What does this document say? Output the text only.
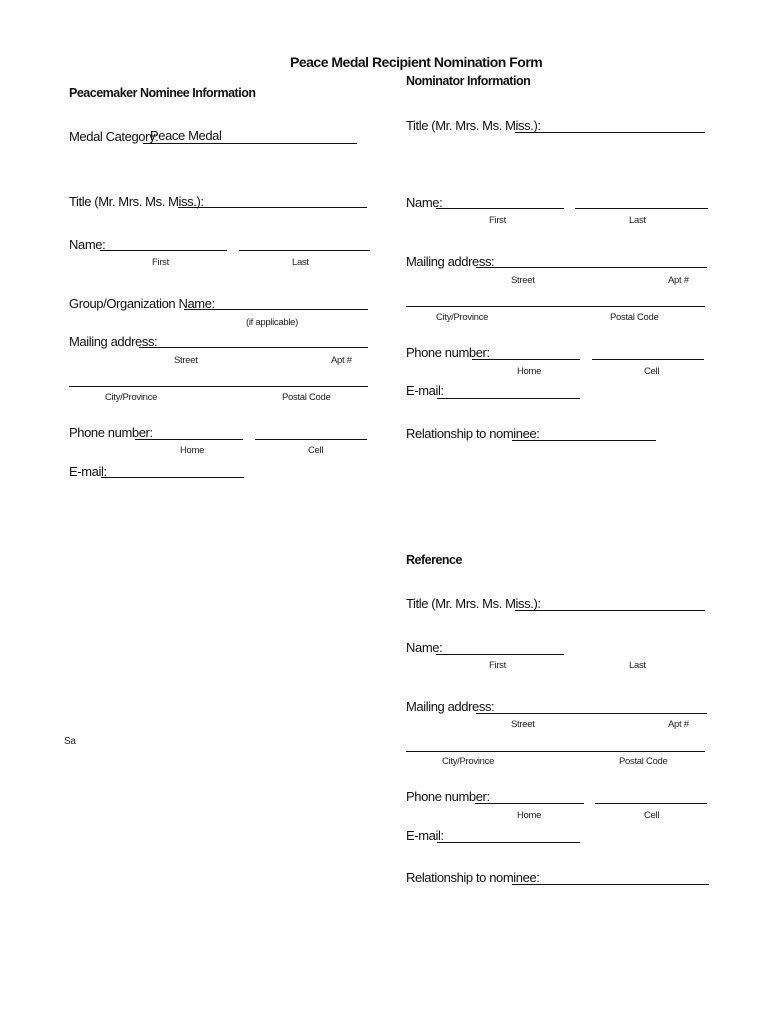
Peace Medal Recipient Nomination Form
Peacemaker Nominee Information
Medal Category:
Peace Medal
Title (Mr. Mrs. Ms. Miss.):
Name:
First	Last
Group/Organization Name:
(if applicable)
Mailing address:
Street	Apt #
City/Province	Postal Code
Phone number:
Home	Cell
E-mail:
Sa
Nominator Information
Title (Mr. Mrs. Ms. Miss.):
Name:
First	Last
Mailing address:
Street	Apt #
City/Province	Postal Code
Phone number:
Home	Cell
E-mail:
Relationship to nominee:
Reference
Title (Mr. Mrs. Ms. Miss.):
Name:
First	Last
Mailing address:
Street	Apt #
City/Province	Postal Code
Phone number:
Home	Cell
E-mail:
Relationship to nominee:
